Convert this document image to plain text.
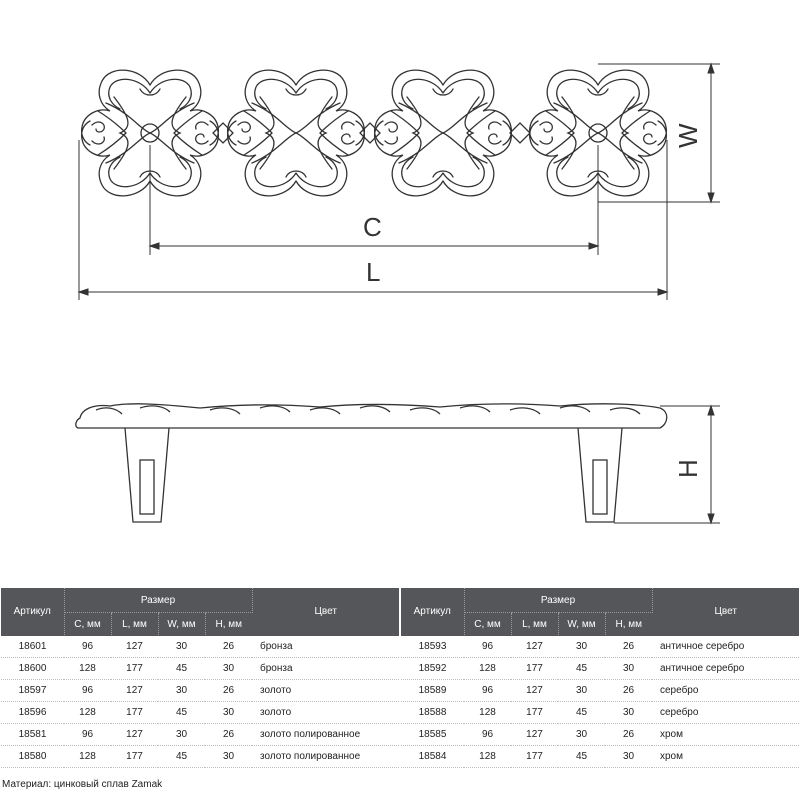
C
L
W
H
Артикул	Размер				Цвет
	C, мм	L, мм	W, мм	H, мм	
18601	96	127	30	26	бронза
18600	128	177	45	30	бронза
18597	96	127	30	26	золото
18596	128	177	45	30	золото
18581	96	127	30	26	золото полированное
18580	128	177	45	30	золото полированное
Артикул	Размер				Цвет
	C, мм	L, мм	W, мм	H, мм	
18593	96	127	30	26	античное серебро
18592	128	177	45	30	античное серебро
18589	96	127	30	26	серебро
18588	128	177	45	30	серебро
18585	96	127	30	26	хром
18584	128	177	45	30	хром
Материал: цинковый сплав Zamak
